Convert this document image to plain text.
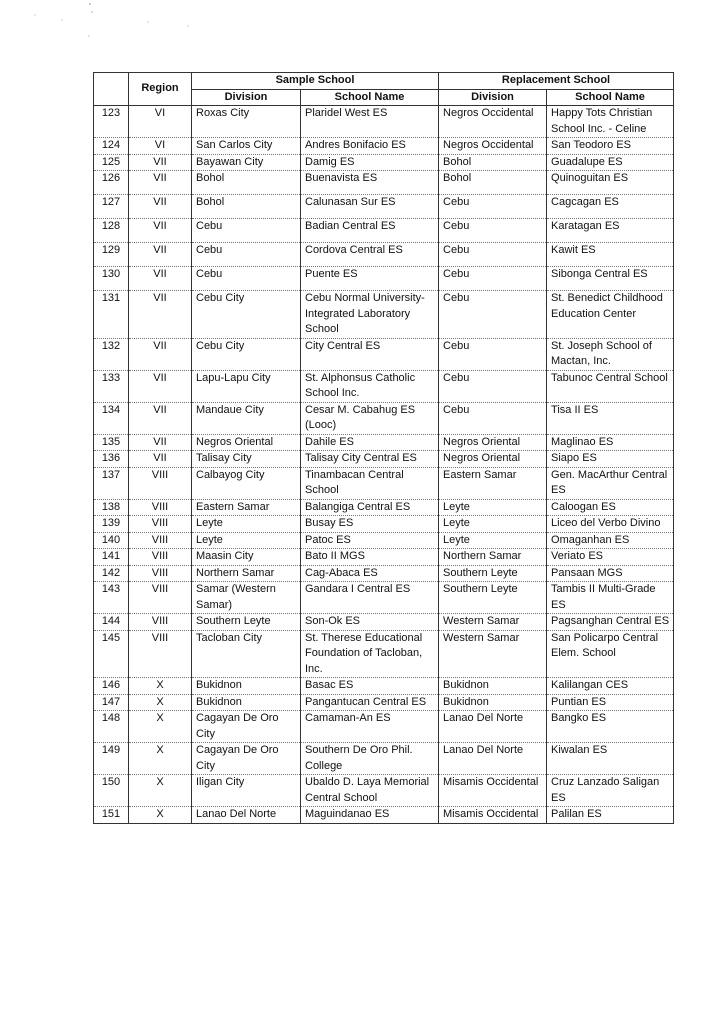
	Region	Sample School		Replacement School	
		Division	School Name	Division	School Name
123	VI	Roxas City	Plaridel West ES	Negros Occidental	Happy Tots Christian School Inc. - Celine
124	VI	San Carlos City	Andres Bonifacio ES	Negros Occidental	San Teodoro ES
125	VII	Bayawan City	Damig ES	Bohol	Guadalupe ES
126	VII	Bohol	Buenavista ES	Bohol	Quinoguitan ES
127	VII	Bohol	Calunasan Sur ES	Cebu	Cagcagan ES
128	VII	Cebu	Badian Central ES	Cebu	Karatagan ES
129	VII	Cebu	Cordova Central ES	Cebu	Kawit ES
130	VII	Cebu	Puente ES	Cebu	Sibonga Central ES
131	VII	Cebu City	Cebu Normal University-Integrated Laboratory School	Cebu	St. Benedict Childhood Education Center
132	VII	Cebu City	City Central ES	Cebu	St. Joseph School of Mactan, Inc.
133	VII	Lapu-Lapu City	St. Alphonsus Catholic School Inc.	Cebu	Tabunoc Central School
134	VII	Mandaue City	Cesar M. Cabahug ES (Looc)	Cebu	Tisa II ES
135	VII	Negros Oriental	Dahile ES	Negros Oriental	Maglinao ES
136	VII	Talisay City	Talisay City Central ES	Negros Oriental	Siapo ES
137	VIII	Calbayog City	Tinambacan Central School	Eastern Samar	Gen. MacArthur Central ES
138	VIII	Eastern Samar	Balangiga Central ES	Leyte	Caloogan ES
139	VIII	Leyte	Busay ES	Leyte	Liceo del Verbo Divino
140	VIII	Leyte	Patoc ES	Leyte	Omaganhan ES
141	VIII	Maasin City	Bato II MGS	Northern Samar	Veriato ES
142	VIII	Northern Samar	Cag-Abaca ES	Southern Leyte	Pansaan MGS
143	VIII	Samar (Western Samar)	Gandara I Central ES	Southern Leyte	Tambis II Multi-Grade ES
144	VIII	Southern Leyte	Son-Ok ES	Western Samar	Pagsanghan Central ES
145	VIII	Tacloban City	St. Therese Educational Foundation of Tacloban, Inc.	Western Samar	San Policarpo Central Elem. School
146	X	Bukidnon	Basac ES	Bukidnon	Kalilangan CES
147	X	Bukidnon	Pangantucan Central ES	Bukidnon	Puntian ES
148	X	Cagayan De Oro City	Camaman-An ES	Lanao Del Norte	Bangko ES
149	X	Cagayan De Oro City	Southern De Oro Phil. College	Lanao Del Norte	Kiwalan ES
150	X	Iligan City	Ubaldo D. Laya Memorial Central School	Misamis Occidental	Cruz Lanzado Saligan ES
151	X	Lanao Del Norte	Maguindanao ES	Misamis Occidental	Palilan ES
